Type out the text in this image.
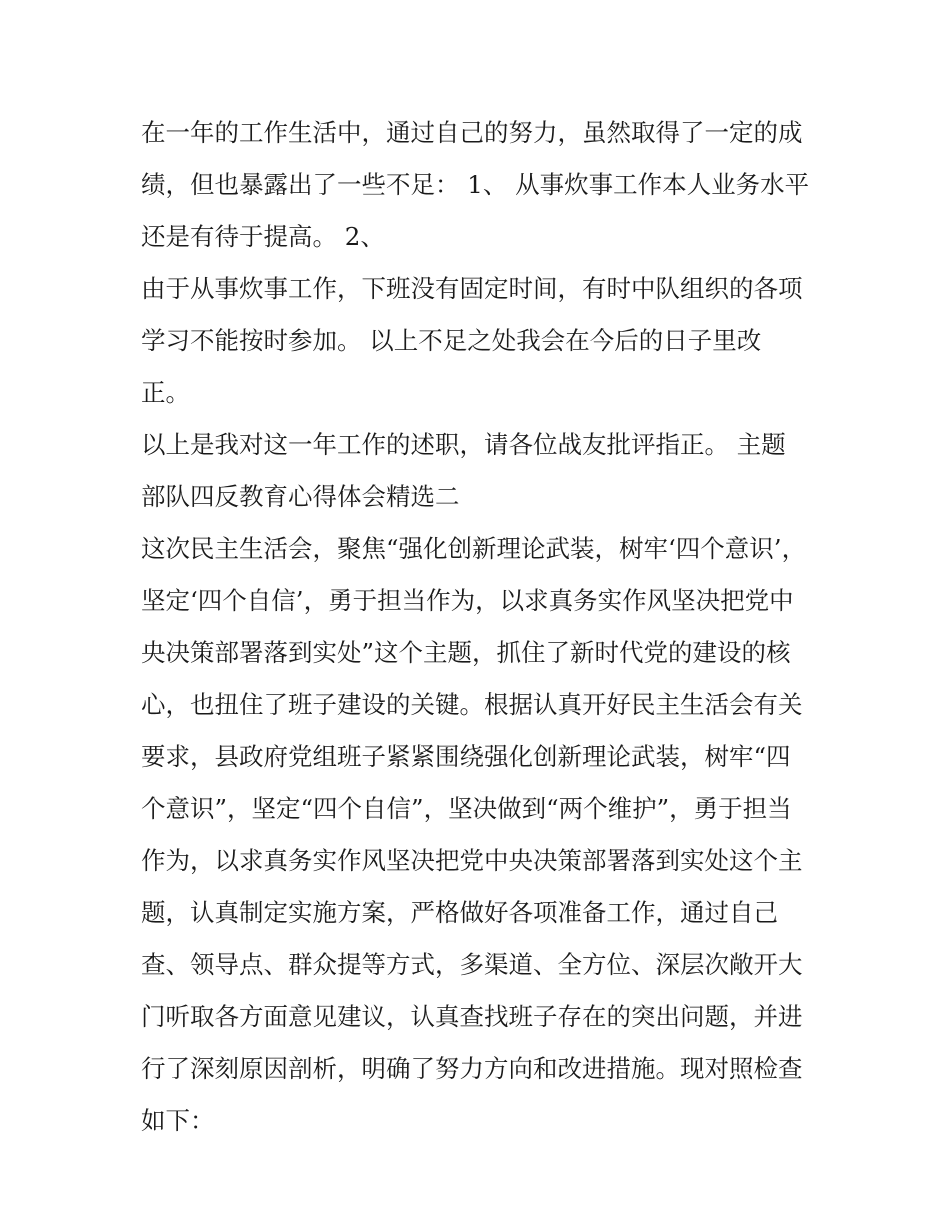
在一年的工作生活中，通过自己的努力，虽然取得了一定的成
绩，但也暴露出了一些不足： 1、 从事炊事工作本人业务水平
还是有待于提高。 2、
由于从事炊事工作，下班没有固定时间，有时中队组织的各项
学习不能按时参加。 以上不足之处我会在今后的日子里改
正。
以上是我对这一年工作的述职，请各位战友批评指正。 主题
部队四反教育心得体会精选二
这次民主生活会，聚焦“强化创新理论武装，树牢‘四个意识’，
坚定‘四个自信’，勇于担当作为，以求真务实作风坚决把党中
央决策部署落到实处”这个主题，抓住了新时代党的建设的核
心，也扭住了班子建设的关键。根据认真开好民主生活会有关
要求，县政府党组班子紧紧围绕强化创新理论武装，树牢“四
个意识”，坚定“四个自信”，坚决做到“两个维护”，勇于担当
作为，以求真务实作风坚决把党中央决策部署落到实处这个主
题，认真制定实施方案，严格做好各项准备工作，通过自己
查、领导点、群众提等方式，多渠道、全方位、深层次敞开大
门听取各方面意见建议，认真查找班子存在的突出问题，并进
行了深刻原因剖析，明确了努力方向和改进措施。现对照检查
如下：
